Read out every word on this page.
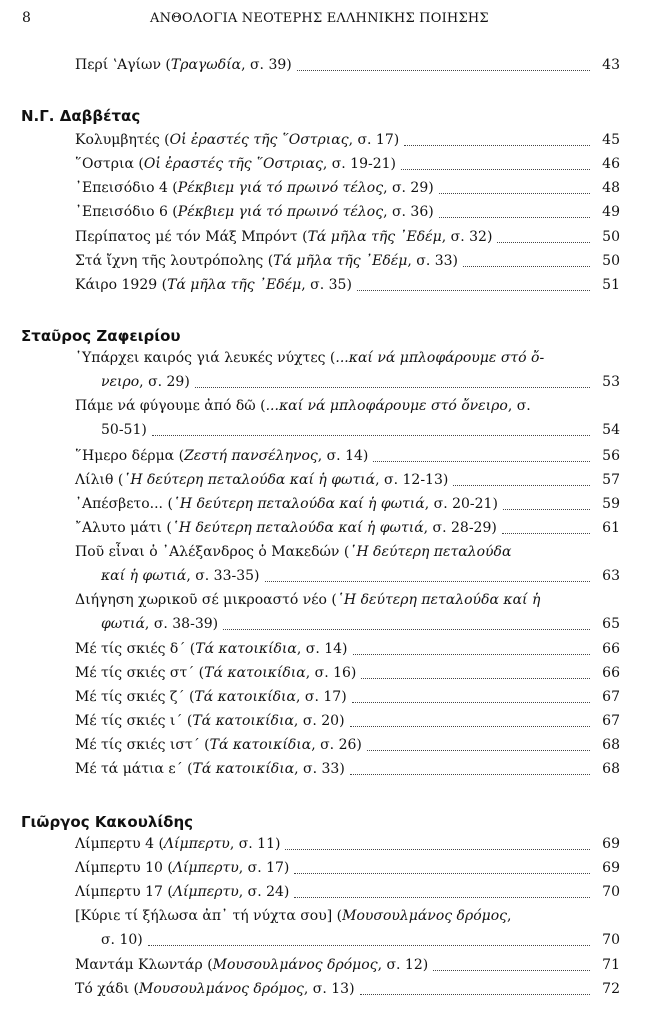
8	ΑΝΘΟΛΟΓΙΑ ΝΕΟΤΕΡΗΣ ΕΛΛΗΝΙΚΗΣ ΠΟΙΗΣΗΣ
Περί ʽΑγίων (Τραγωδία, σ. 39)	43
Ν.Γ. Δαββέτας
Κολυμβητές (Οἱ ἐραστές τῆς ῞Οστριας, σ. 17)	45
῞Οστρια (Οἱ ἐραστές τῆς ῞Οστριας, σ. 19-21)	46
᾽Επεισόδιο 4 (Ρέκβιεμ γιά τό πρωινό τέλος, σ. 29)	48
᾽Επεισόδιο 6 (Ρέκβιεμ γιά τό πρωινό τέλος, σ. 36)	49
Περίπατος μέ τόν Μάξ Μπρόντ (Τά μῆλα τῆς ᾽Εδέμ, σ. 32)	50
Στά ἴχνη τῆς λουτρόπολης (Τά μῆλα τῆς ᾽Εδέμ, σ. 33)	50
Κάιρο 1929 (Τά μῆλα τῆς ᾽Εδέμ, σ. 35)	51
Σταῦρος Ζαφειρίου
῾Υπάρχει καιρός γιά λευκές νύχτες (...καί νά μπλοφάρουμε στό ὄ-
νειρο, σ. 29)	53
Πάμε νά φύγουμε ἀπό δῶ (...καί νά μπλοφάρουμε στό ὄνειρο, σ.
50-51)	54
῞Ημερο δέρμα (Ζεστή πανσέληνος, σ. 14)	56
Λίλιθ (῾Η δεύτερη πεταλούδα καί ἡ φωτιά, σ. 12-13)	57
᾽Απέσβετο... (῾Η δεύτερη πεταλούδα καί ἡ φωτιά, σ. 20-21)	59
῎Αλυτο μάτι (῾Η δεύτερη πεταλούδα καί ἡ φωτιά, σ. 28-29)	61
Ποῦ εἶναι ὁ ᾽Αλέξανδρος ὁ Μακεδών (῾Η δεύτερη πεταλούδα
καί ἡ φωτιά, σ. 33-35)	63
Διήγηση χωρικοῦ σέ μικροαστό νέο (῾Η δεύτερη πεταλούδα καί ἡ
φωτιά, σ. 38-39)	65
Μέ τίς σκιές δ΄ (Τά κατοικίδια, σ. 14)	66
Μέ τίς σκιές στ΄ (Τά κατοικίδια, σ. 16)	66
Μέ τίς σκιές ζ΄ (Τά κατοικίδια, σ. 17)	67
Μέ τίς σκιές ι΄ (Τά κατοικίδια, σ. 20)	67
Μέ τίς σκιές ιστ΄ (Τά κατοικίδια, σ. 26)	68
Μέ τά μάτια ε΄ (Τά κατοικίδια, σ. 33)	68
Γιῶργος Κακουλίδης
Λίμπερτυ 4 (Λίμπερτυ, σ. 11)	69
Λίμπερτυ 10 (Λίμπερτυ, σ. 17)	69
Λίμπερτυ 17 (Λίμπερτυ, σ. 24)	70
[Κύριε τί ξήλωσα ἀπ᾽ τή νύχτα σου] (Μουσουλμάνος δρόμος,
σ. 10)	70
Μαντάμ Κλωντάρ (Μουσουλμάνος δρόμος, σ. 12)	71
Τό χάδι (Μουσουλμάνος δρόμος, σ. 13)	72
